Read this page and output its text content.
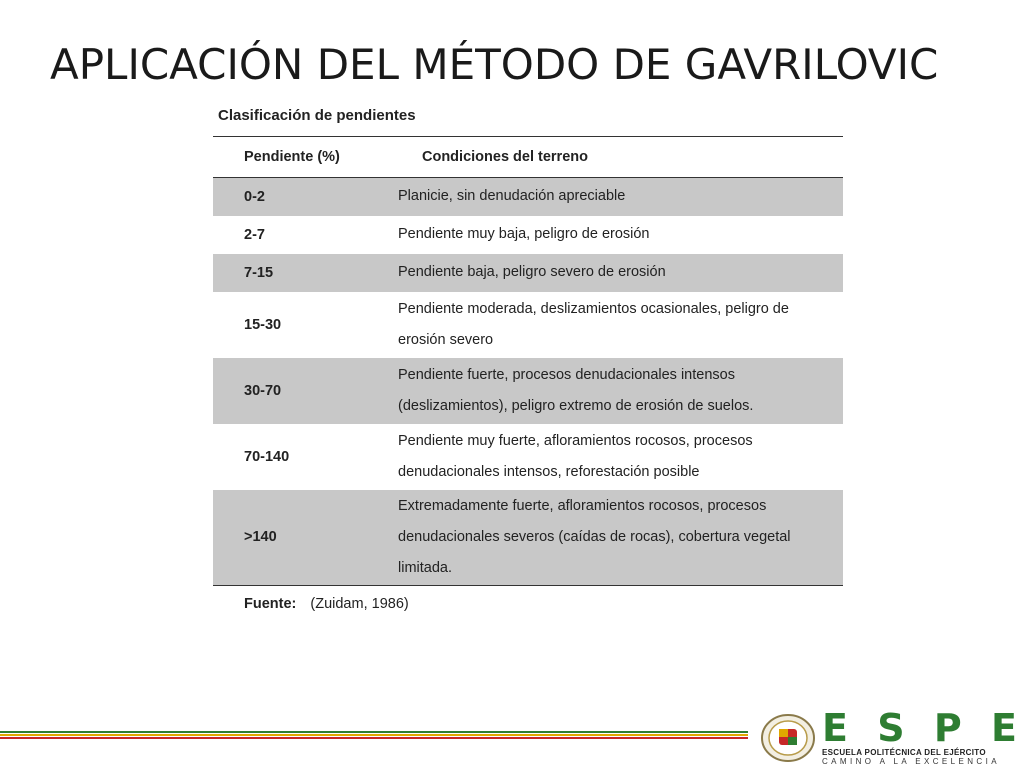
APLICACIÓN DEL MÉTODO DE GAVRILOVIC
Clasificación de pendientes
Pendiente (%)	Condiciones del terreno
0-2	Planicie, sin denudación apreciable
2-7	Pendiente muy baja, peligro de erosión
7-15	Pendiente baja, peligro severo de erosión
15-30	Pendiente moderada, deslizamientos ocasionales, peligro de erosión severo
30-70	Pendiente fuerte, procesos denudacionales intensos (deslizamientos), peligro extremo de erosión de suelos.
70-140	Pendiente muy fuerte, afloramientos rocosos, procesos denudacionales intensos, reforestación posible
>140	Extremadamente fuerte, afloramientos rocosos, procesos denudacionales severos (caídas de rocas), cobertura vegetal limitada.
Fuente: (Zuidam, 1986)
E S P E
ESCUELA POLITÉCNICA DEL EJÉRCITO
CAMINO A LA EXCELENCIA
